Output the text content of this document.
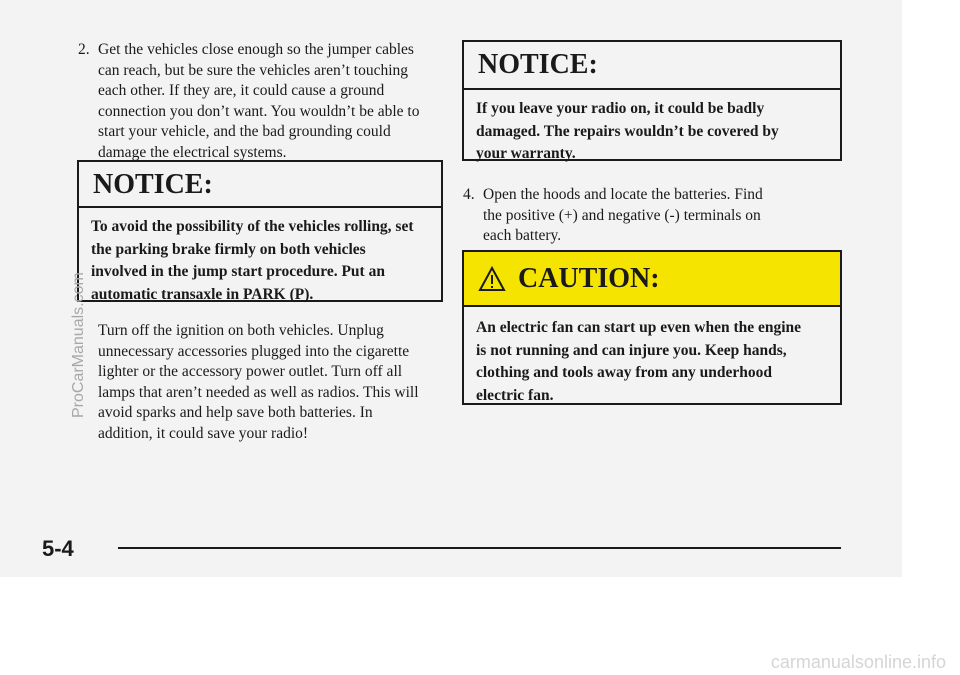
2. Get the vehicles close enough so the jumper cables
can reach, but be sure the vehicles aren’t touching
each other. If they are, it could cause a ground
connection you don’t want. You wouldn’t be able to
start your vehicle, and the bad grounding could
damage the electrical systems.
NOTICE:
To avoid the possibility of the vehicles rolling, set
the parking brake firmly on both vehicles
involved in the jump start procedure. Put an
automatic transaxle in PARK (P).
Turn off the ignition on both vehicles. Unplug
unnecessary accessories plugged into the cigarette
lighter or the accessory power outlet. Turn off all
lamps that aren’t needed as well as radios. This will
avoid sparks and help save both batteries. In
addition, it could save your radio!
NOTICE:
If you leave your radio on, it could be badly
damaged. The repairs wouldn’t be covered by
your warranty.
4. Open the hoods and locate the batteries. Find
the positive (+) and negative (-) terminals on
each battery.
CAUTION:
An electric fan can start up even when the engine
is not running and can injure you. Keep hands,
clothing and tools away from any underhood
electric fan.
5-4
ProCarManuals.com
carmanualsonline.info
